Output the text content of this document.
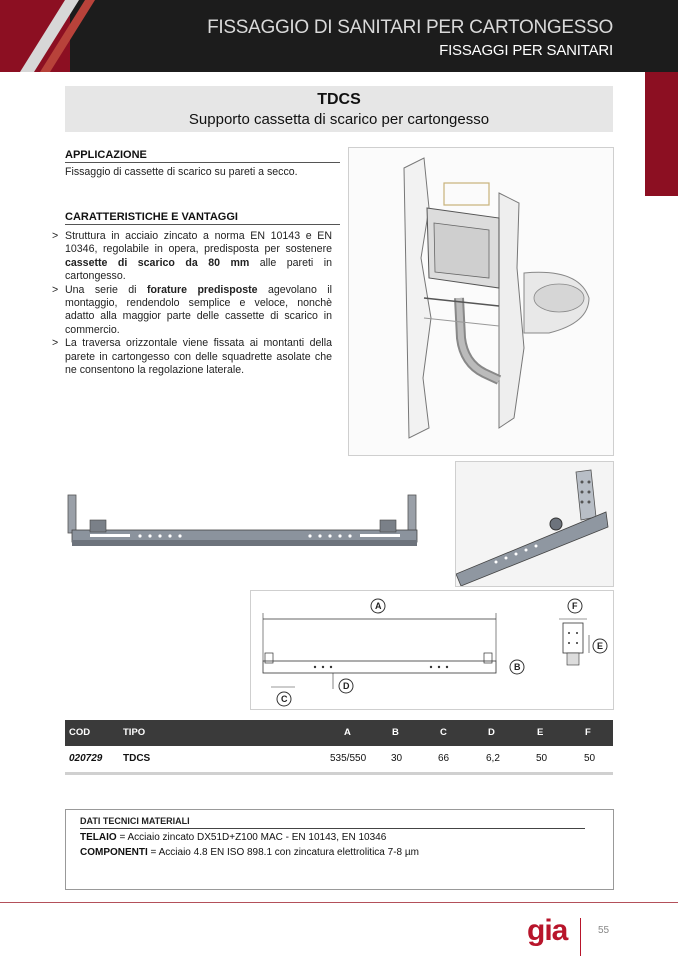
FISSAGGIO DI SANITARI PER CARTONGESSO
FISSAGGI PER SANITARI
TDCS
Supporto cassetta di scarico per cartongesso
APPLICAZIONE
Fissaggio di cassette di scarico su pareti a secco.
CARATTERISTICHE E VANTAGGI
> Struttura in acciaio zincato a norma EN 10143 e EN 10346, regolabile in opera, predisposta per sostenere cassette di scarico da 80 mm alle pareti in cartongesso.
> Una serie di forature predisposte agevolano il montaggio, rendendolo semplice e veloce, nonchè adatto alla maggior parte delle cassette di scarico in commercio.
> La traversa orizzontale viene fissata ai montanti della parete in cartongesso con delle squadrette asolate che ne consentono la regolazione laterale.
A
B
C
D
F
E
COD	TIPO	A	B	C	D	E	F
020729 TDCS	535/550 30	66	6,2	50	50
DATI TECNICI MATERIALI
TELAIO = Acciaio zincato DX51D+Z100 MAC - EN 10143, EN 10346
COMPONENTI = Acciaio 4.8 EN ISO 898.1 con zincatura elettrolitica 7-8 µm
gia	55
